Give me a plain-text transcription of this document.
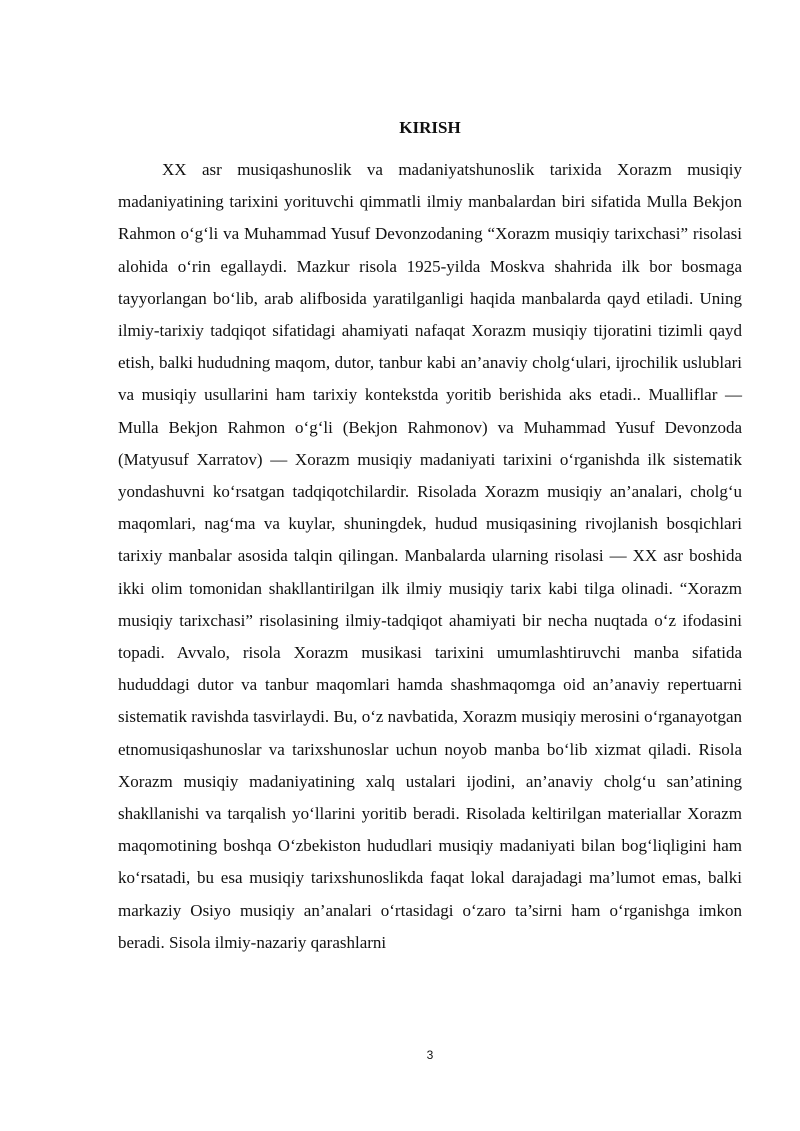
KIRISH

XX asr musiqashunoslik va madaniyatshunoslik tarixida Xorazm musiqiy madaniyatining tarixini yorituvchi qimmatli ilmiy manbalardan biri sifatida Mulla Bekjon Rahmon oʻgʻli va Muhammad Yusuf Devonzodaning “Xorazm musiqiy tarixchasi” risolasi alohida oʻrin egallaydi. Mazkur risola 1925-yilda Moskva shahrida ilk bor bosmaga tayyorlangan boʻlib, arab alifbosida yaratilganligi haqida manbalarda qayd etiladi. Uning ilmiy-tarixiy tadqiqot sifatidagi ahamiyati nafaqat Xorazm musiqiy tijoratini tizimli qayd etish, balki hududning maqom, dutor, tanbur kabi an’anaviy cholgʻulari, ijrochilik uslublari va musiqiy usullarini ham tarixiy kontekstda yoritib berishida aks etadi.. Mualliflar — Mulla Bekjon Rahmon oʻgʻli (Bekjon Rahmonov) va Muhammad Yusuf Devonzoda (Matyusuf Xarratov) — Xorazm musiqiy madaniyati tarixini oʻrganishda ilk sistematik yondashuvni koʻrsatgan tadqiqotchilardir. Risolada Xorazm musiqiy an’analari, cholgʻu maqomlari, nagʻma va kuylar, shuningdek, hudud musiqasining rivojlanish bosqichlari tarixiy manbalar asosida talqin qilingan. Manbalarda ularning risolasi — XX asr boshida ikki olim tomonidan shakllantirilgan ilk ilmiy musiqiy tarix kabi tilga olinadi. “Xorazm musiqiy tarixchasi” risolasining ilmiy-tadqiqot ahamiyati bir necha nuqtada oʻz ifodasini topadi. Avvalo, risola Xorazm musikasi tarixini umumlashtiruvchi manba sifatida hududdagi dutor va tanbur maqomlari hamda shashmaqomga oid an’anaviy repertuarni sistematik ravishda tasvirlaydi. Bu, oʻz navbatida, Xorazm musiqiy merosini oʻrganayotgan etnomusiqashunoslar va tarixshunoslar uchun noyob manba boʻlib xizmat qiladi. Risola Xorazm musiqiy madaniyatining xalq ustalari ijodini, an’anaviy cholgʻu san’atining shakllanishi va tarqalish yoʻllarini yoritib beradi. Risolada keltirilgan materiallar Xorazm maqomotining boshqa Oʻzbekiston hududlari musiqiy madaniyati bilan bogʻliqligini ham koʻrsatadi, bu esa musiqiy tarixshunoslikda faqat lokal darajadagi ma’lumot emas, balki markaziy Osiyo musiqiy an’analari oʻrtasidagi oʻzaro ta’sirni ham oʻrganishga imkon beradi. Sisola ilmiy-nazariy qarashlarni

3
